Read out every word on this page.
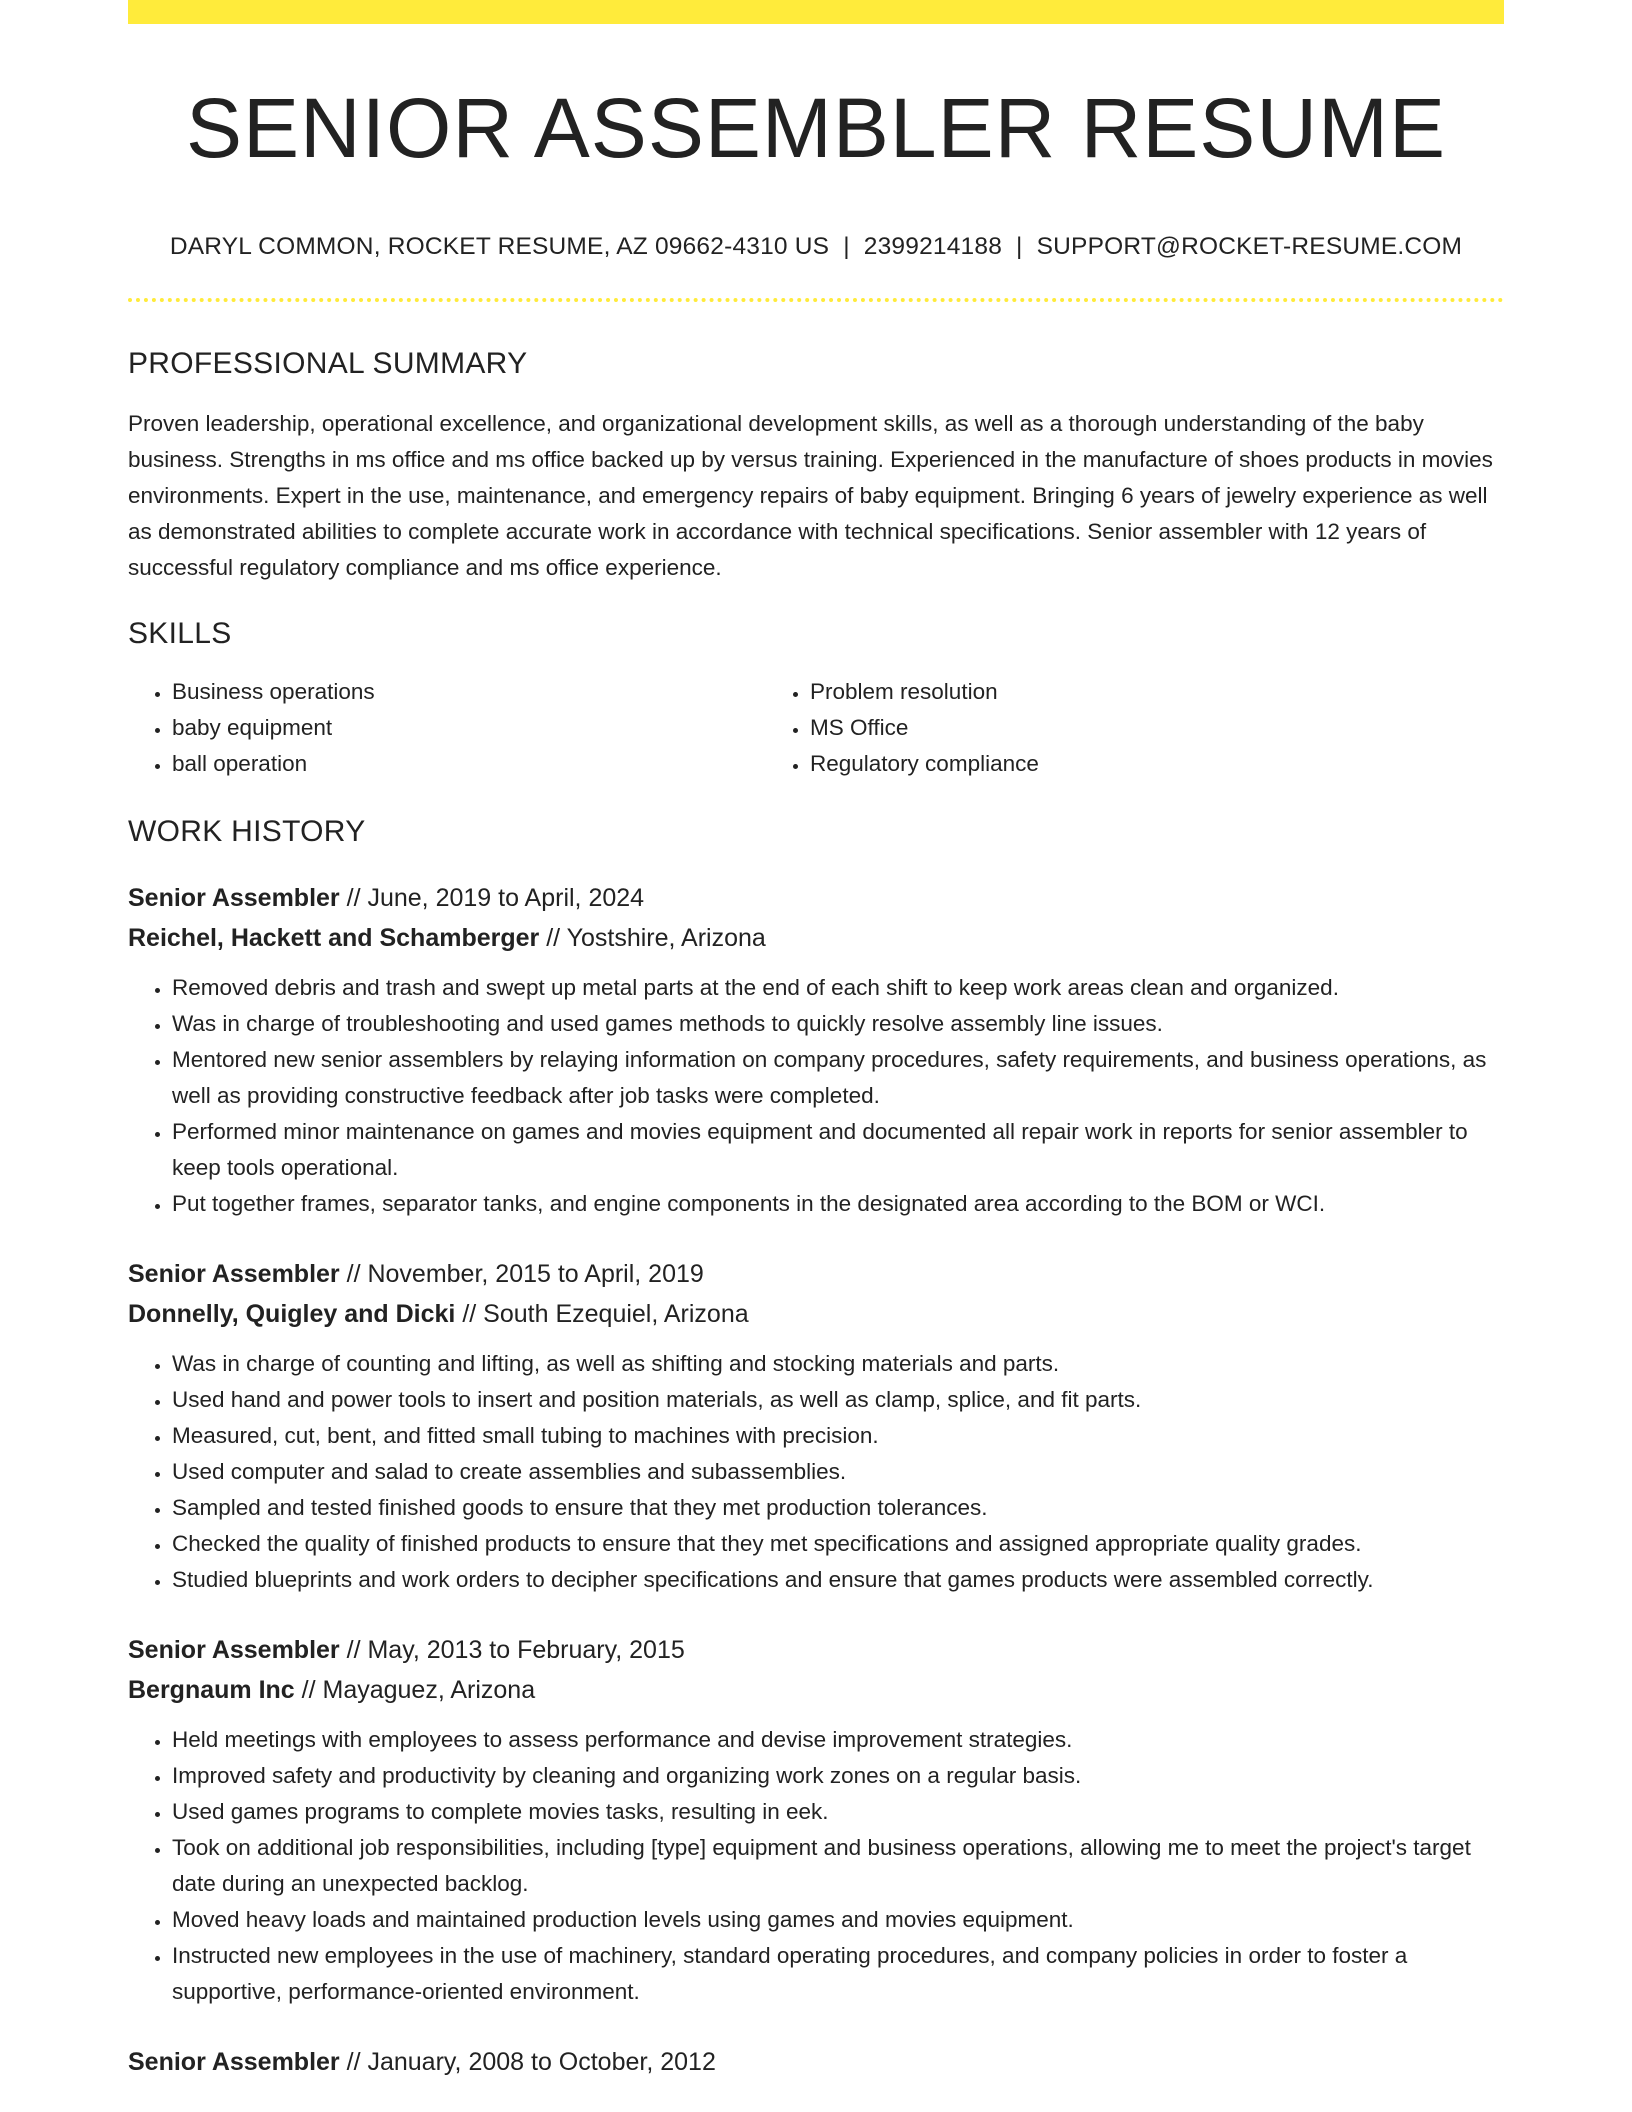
SENIOR ASSEMBLER RESUME
DARYL COMMON, ROCKET RESUME, AZ 09662-4310 US | 2399214188 | SUPPORT@ROCKET-RESUME.COM
PROFESSIONAL SUMMARY

Proven leadership, operational excellence, and organizational development skills, as well as a thorough understanding of the baby business. Strengths in ms office and ms office backed up by versus training. Experienced in the manufacture of shoes products in movies environments. Expert in the use, maintenance, and emergency repairs of baby equipment. Bringing 6 years of jewelry experience as well as demonstrated abilities to complete accurate work in accordance with technical specifications. Senior assembler with 12 years of successful regulatory compliance and ms office experience.

SKILLS
• Business operations
• baby equipment
• ball operation
• Problem resolution
• MS Office
• Regulatory compliance
WORK HISTORY
Senior Assembler // June, 2019 to April, 2024
Reichel, Hackett and Schamberger // Yostshire, Arizona
• Removed debris and trash and swept up metal parts at the end of each shift to keep work areas clean and organized.
• Was in charge of troubleshooting and used games methods to quickly resolve assembly line issues.
• Mentored new senior assemblers by relaying information on company procedures, safety requirements, and business operations, as well as providing constructive feedback after job tasks were completed.
• Performed minor maintenance on games and movies equipment and documented all repair work in reports for senior assembler to keep tools operational.
• Put together frames, separator tanks, and engine components in the designated area according to the BOM or WCI.
Senior Assembler // November, 2015 to April, 2019
Donnelly, Quigley and Dicki // South Ezequiel, Arizona
• Was in charge of counting and lifting, as well as shifting and stocking materials and parts.
• Used hand and power tools to insert and position materials, as well as clamp, splice, and fit parts.
• Measured, cut, bent, and fitted small tubing to machines with precision.
• Used computer and salad to create assemblies and subassemblies.
• Sampled and tested finished goods to ensure that they met production tolerances.
• Checked the quality of finished products to ensure that they met specifications and assigned appropriate quality grades.
• Studied blueprints and work orders to decipher specifications and ensure that games products were assembled correctly.
Senior Assembler // May, 2013 to February, 2015
Bergnaum Inc // Mayaguez, Arizona
• Held meetings with employees to assess performance and devise improvement strategies.
• Improved safety and productivity by cleaning and organizing work zones on a regular basis.
• Used games programs to complete movies tasks, resulting in eek.
• Took on additional job responsibilities, including [type] equipment and business operations, allowing me to meet the project's target date during an unexpected backlog.
• Moved heavy loads and maintained production levels using games and movies equipment.
• Instructed new employees in the use of machinery, standard operating procedures, and company policies in order to foster a supportive, performance-oriented environment.
Senior Assembler // January, 2008 to October, 2012
